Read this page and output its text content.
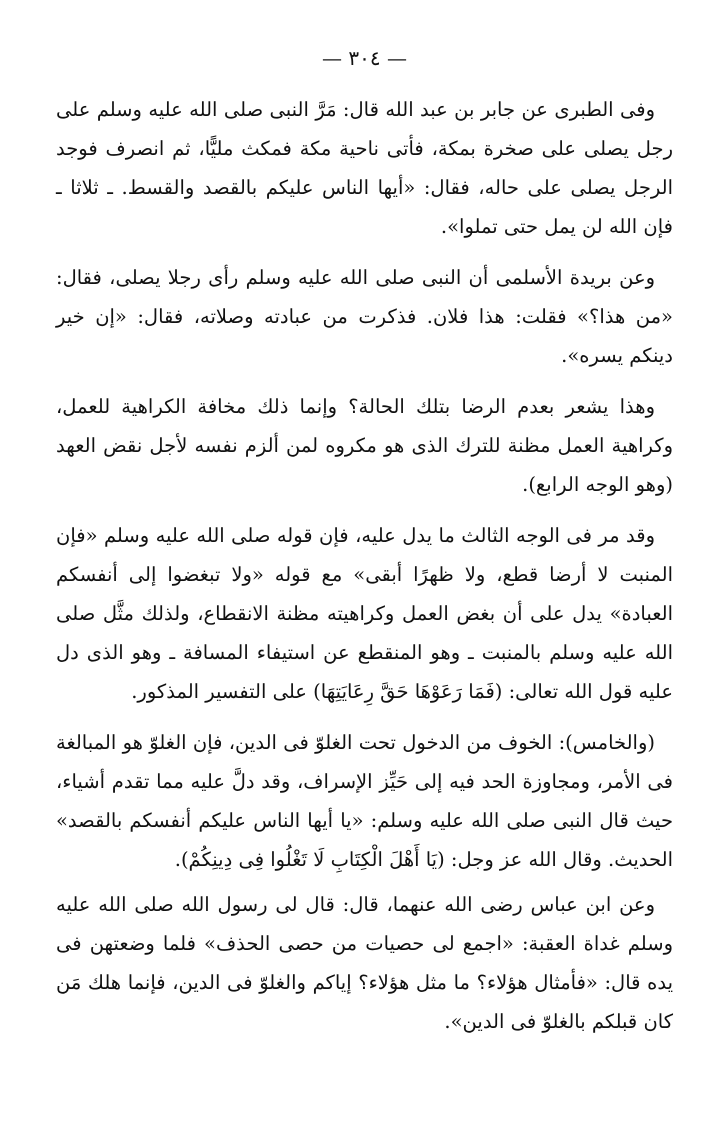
— ٣٠٤ —

وفى الطبرى عن جابر بن عبد الله قال: مَرَّ النبى صلى الله عليه وسلم على رجل يصلى على صخرة بمكة، فأتى ناحية مكة فمكث مليًّا، ثم انصرف فوجد الرجل يصلى على حاله، فقال: «أيها الناس عليكم بالقصد والقسط. ـ ثلاثا ـ فإن الله لن يمل حتى تملوا».

وعن بريدة الأسلمى أن النبى صلى الله عليه وسلم رأى رجلا يصلى، فقال: «من هذا؟» فقلت: هذا فلان. فذكرت من عبادته وصلاته، فقال: «إن خير دينكم يسره».

وهذا يشعر بعدم الرضا بتلك الحالة؟ وإنما ذلك مخافة الكراهية للعمل، وكراهية العمل مظنة للترك الذى هو مكروه لمن ألزم نفسه لأجل نقض العهد (وهو الوجه الرابع).

وقد مر فى الوجه الثالث ما يدل عليه، فإن قوله صلى الله عليه وسلم «فإن المنبت لا أرضا قطع، ولا ظهرًا أبقى» مع قوله «ولا تبغضوا إلى أنفسكم العبادة» يدل على أن بغض العمل وكراهيته مظنة الانقطاع، ولذلك مثَّل صلى الله عليه وسلم بالمنبت ـ وهو المنقطع عن استيفاء المسافة ـ وهو الذى دل عليه قول الله تعالى: (فَمَا رَعَوْهَا حَقَّ رِعَايَتِهَا) على التفسير المذكور.

(والخامس): الخوف من الدخول تحت الغلوّ فى الدين، فإن الغلوّ هو المبالغة فى الأمر، ومجاوزة الحد فيه إلى حَيِّز الإسراف، وقد دلَّ عليه مما تقدم أشياء، حيث قال النبى صلى الله عليه وسلم: «يا أيها الناس عليكم أنفسكم بالقصد» الحديث. وقال الله عز وجل: (يَا أَهْلَ الْكِتَابِ لَا تَغْلُوا فِى دِينِكُمْ).

وعن ابن عباس رضى الله عنهما، قال: قال لى رسول الله صلى الله عليه وسلم غداة العقبة: «اجمع لى حصيات من حصى الحذف» فلما وضعتهن فى يده قال: «فأمثال هؤلاء؟ ما مثل هؤلاء؟ إياكم والغلوّ فى الدين، فإنما هلك مَن كان قبلكم بالغلوّ فى الدين».
